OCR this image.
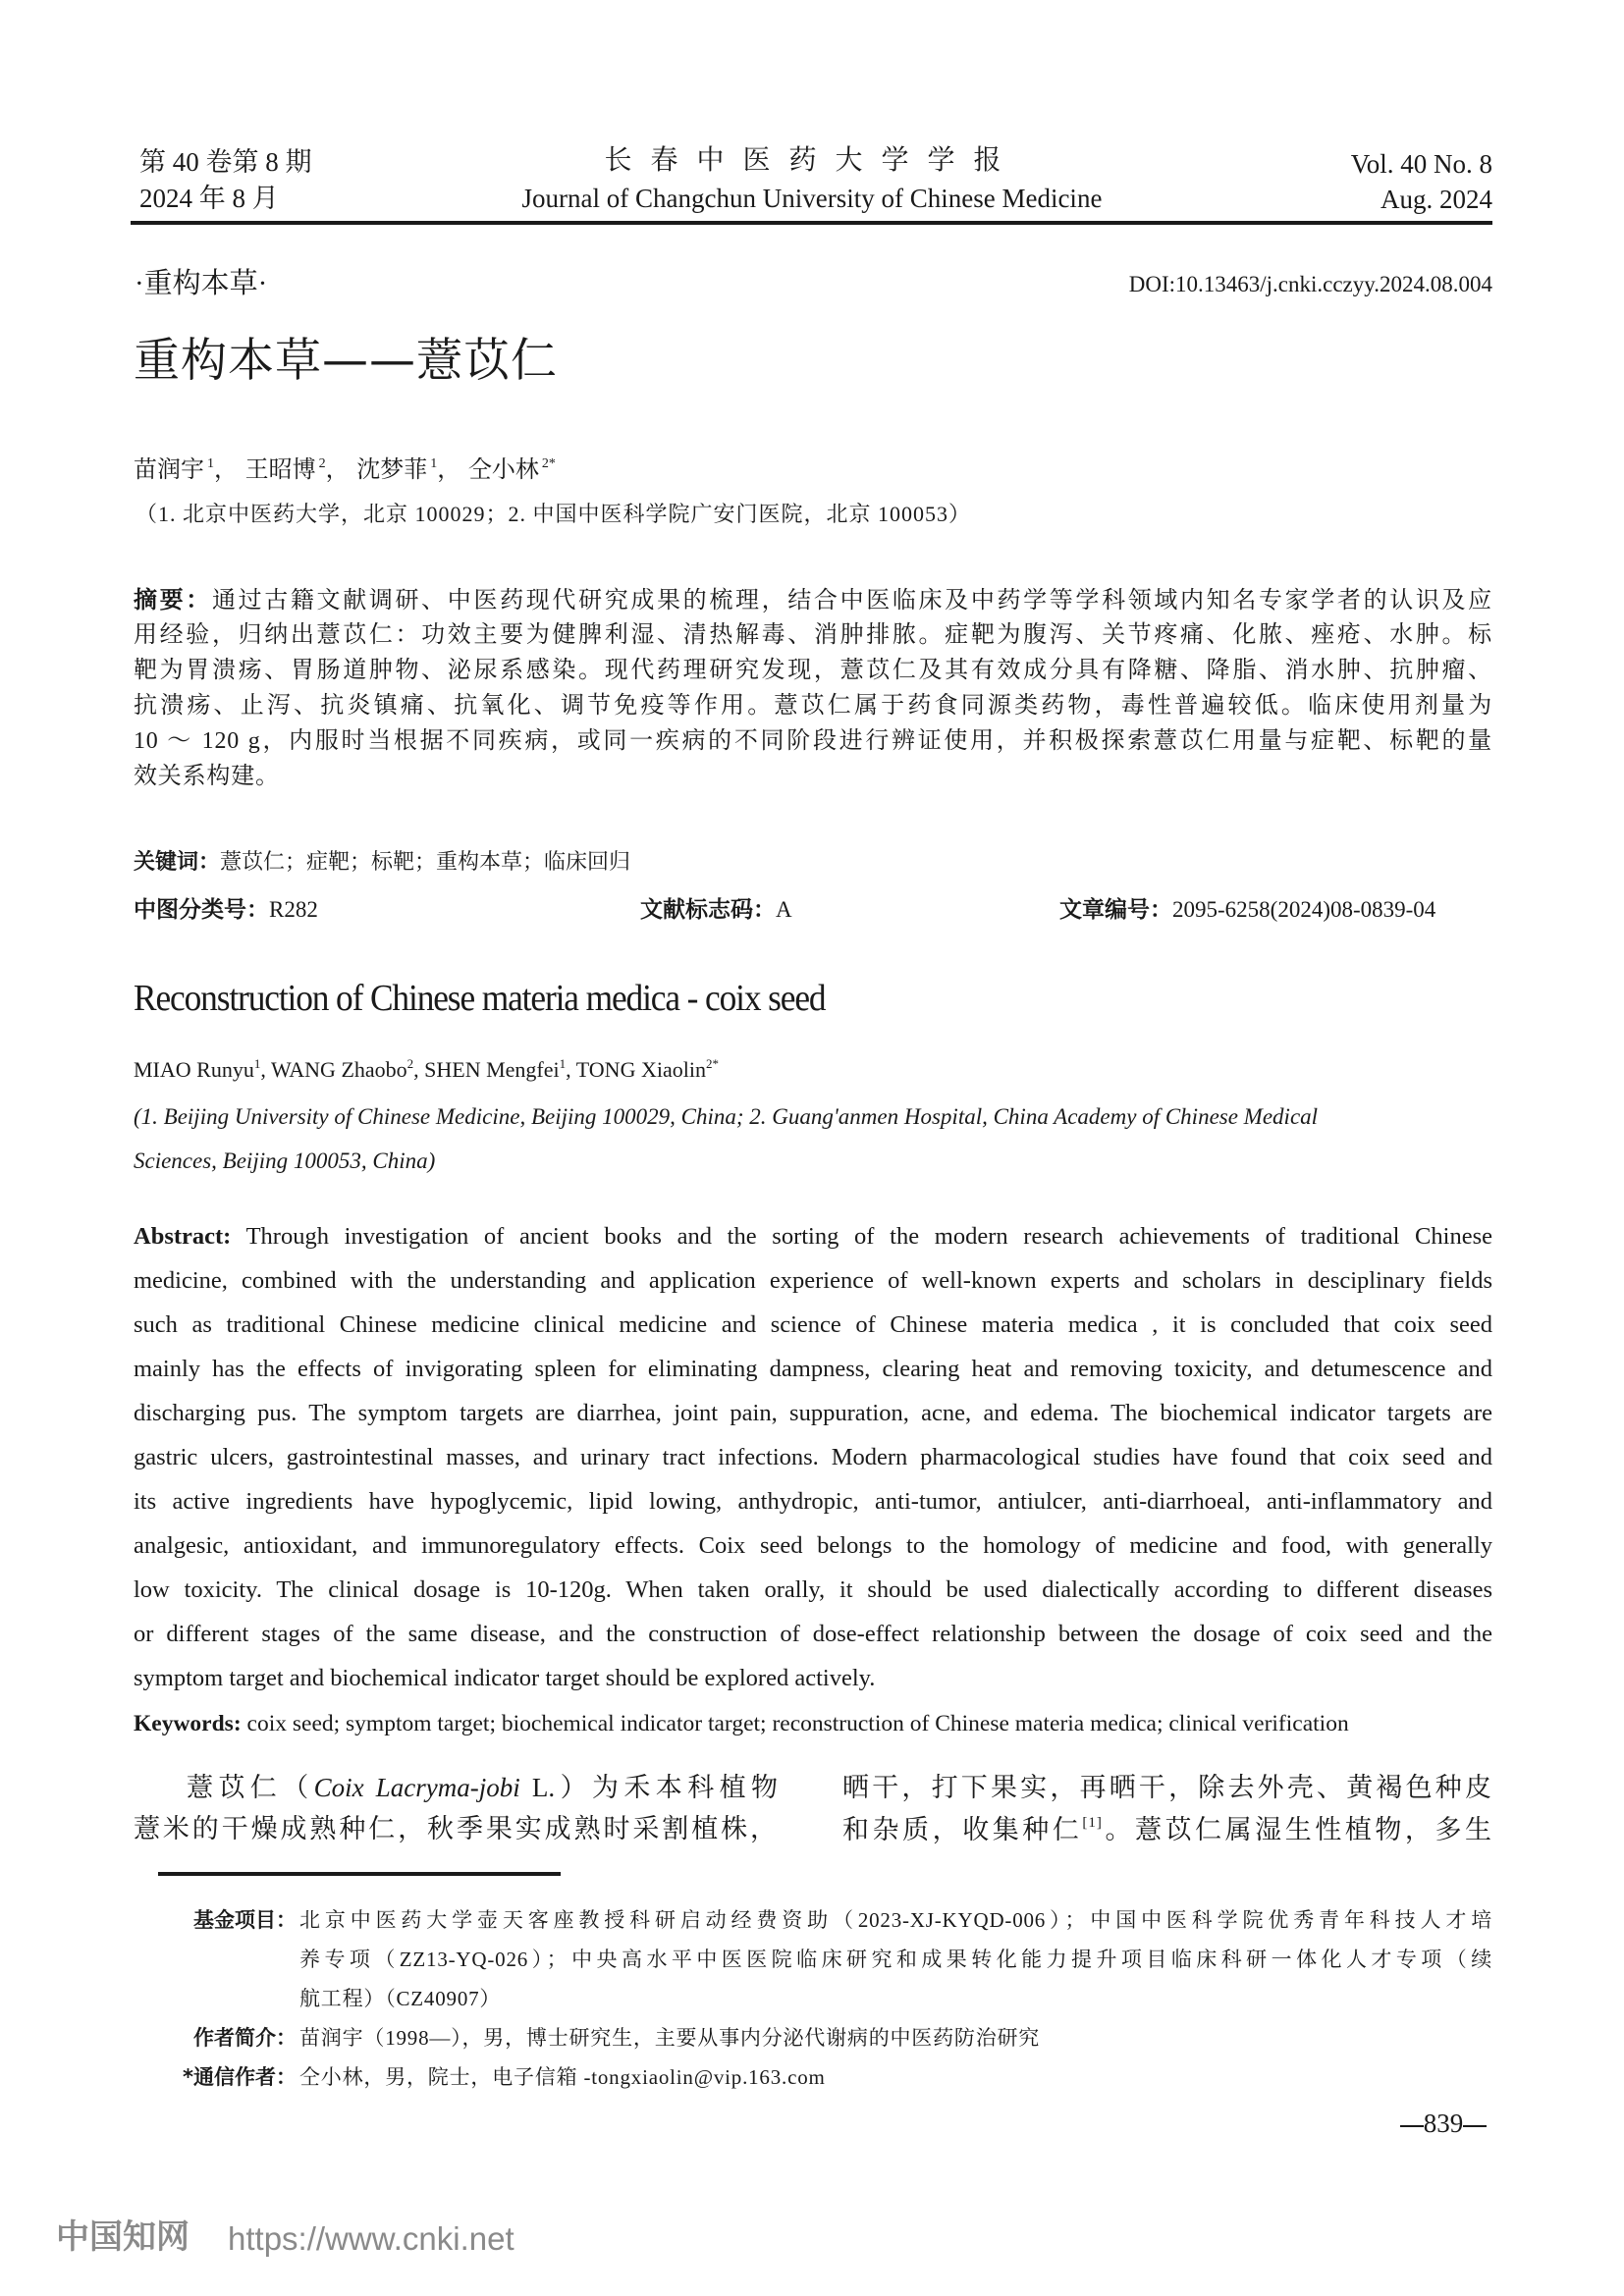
第 40 卷第 8 期
2024 年 8 月
长春中医药大学学报
Journal of Changchun University of Chinese Medicine
Vol. 40 No. 8
Aug. 2024
·重构本草·	DOI:10.13463/j.cnki.cczyy.2024.08.004
重构本草——薏苡仁
苗润宇 $^1$， 王昭博 $^2$， 沈梦菲 $^1$， 仝小林 $^{2*}$
（1. 北京中医药大学，北京 100029；2. 中国中医科学院广安门医院，北京 100053）
摘要：通过古籍文献调研、中医药现代研究成果的梳理，结合中医临床及中药学等学科领域内知名专家学者的认识及应
用经验，归纳出薏苡仁：功效主要为健脾利湿、清热解毒、消肿排脓。症靶为腹泻、关节疼痛、化脓、痤疮、水肿。标
靶为胃溃疡、胃肠道肿物、泌尿系感染。现代药理研究发现，薏苡仁及其有效成分具有降糖、降脂、消水肿、抗肿瘤、
抗溃疡、止泻、抗炎镇痛、抗氧化、调节免疫等作用。薏苡仁属于药食同源类药物，毒性普遍较低。临床使用剂量为
10 ～ 120 g，内服时当根据不同疾病，或同一疾病的不同阶段进行辨证使用，并积极探索薏苡仁用量与症靶、标靶的量
效关系构建。
关键词：薏苡仁；症靶；标靶；重构本草；临床回归
中图分类号：R282	文献标志码：A	文章编号：2095-6258(2024)08-0839-04
Reconstruction of Chinese materia medica - coix seed
MIAO Runyu$^1$, WANG Zhaobo$^2$, SHEN Mengfei$^1$, TONG Xiaolin$^{2*}$
(1. Beijing University of Chinese Medicine, Beijing 100029, China; 2. Guang'anmen Hospital, China Academy of Chinese Medical
Sciences, Beijing 100053, China)
Abstract: Through investigation of ancient books and the sorting of the modern research achievements of traditional Chinese
medicine, combined with the understanding and application experience of well-known experts and scholars in desciplinary fields
such as traditional Chinese medicine clinical medicine and science of Chinese materia medica , it is concluded that coix seed
mainly has the effects of invigorating spleen for eliminating dampness, clearing heat and removing toxicity, and detumescence and
discharging pus. The symptom targets are diarrhea, joint pain, suppuration, acne, and edema. The biochemical indicator targets are
gastric ulcers, gastrointestinal masses, and urinary tract infections. Modern pharmacological studies have found that coix seed and
its active ingredients have hypoglycemic, lipid lowing, anthydropic, anti-tumor, antiulcer, anti-diarrhoeal, anti-inflammatory and
analgesic, antioxidant, and immunoregulatory effects. Coix seed belongs to the homology of medicine and food, with generally
low toxicity. The clinical dosage is 10-120g. When taken orally, it should be used dialectically according to different diseases
or different stages of the same disease, and the construction of dose-effect relationship between the dosage of coix seed and the
symptom target and biochemical indicator target should be explored actively.
Keywords: coix seed; symptom target; biochemical indicator target; reconstruction of Chinese materia medica; clinical verification
薏苡仁（Coix Lacryma-jobi L.）为禾本科植物
薏米的干燥成熟种仁，秋季果实成熟时采割植株，
晒干，打下果实，再晒干，除去外壳、黄褐色种皮
和杂质，收集种仁[1]。薏苡仁属湿生性植物，多生
基金项目： 北京中医药大学壶天客座教授科研启动经费资助（2023-XJ-KYQD-006）；中国中医科学院优秀青年科技人才培
养专项（ZZ13-YQ-026）；中央高水平中医医院临床研究和成果转化能力提升项目临床科研一体化人才专项（续
航工程）（CZ40907）
作者简介： 苗润宇（1998—），男，博士研究生，主要从事内分泌代谢病的中医药防治研究
*通信作者： 仝小林，男，院士，电子信箱 -tongxiaolin@vip.163.com
839
中国知网 https://www.cnki.net
